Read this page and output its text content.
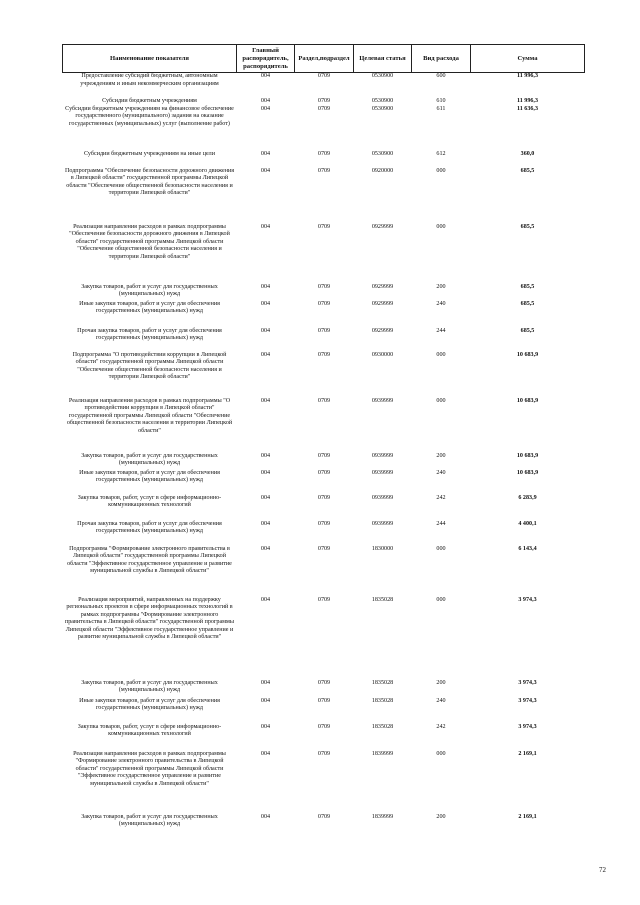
Наименование показателя	Главный распорядитель, распорядитель	Раздел,подраздел	Целевая статья	Вид расхода	Сумма
Предоставление субсидий бюджетным, автономным учреждениям и иным некоммерческим организациям	004	0709	0530900	600	11 996,3
Субсидии бюджетным учреждениям	004	0709	0530900	610	11 996,3
Субсидии бюджетным учреждениям на финансовое обеспечение государственного (муниципального) задания на оказание государственных (муниципальных) услуг (выполнение работ)	004	0709	0530900	611	11 636,3
Субсидии бюджетным учреждениям на иные цели	004	0709	0530900	612	360,0
Подпрограмма "Обеспечение безопасности дорожного движения в Липецкой области" государственной программы Липецкой области "Обеспечение общественной безопасности населения и территории Липецкой области"	004	0709	0920000	000	685,5
Реализация направления расходов в рамках подпрограммы "Обеспечение безопасности дорожного движения в Липецкой области" государственной программы Липецкой области "Обеспечение общественной безопасности населения и территории Липецкой области"	004	0709	0929999	000	685,5
Закупка товаров, работ и услуг для государственных (муниципальных) нужд	004	0709	0929999	200	685,5
Иные закупки товаров, работ и услуг для обеспечения государственных (муниципальных) нужд	004	0709	0929999	240	685,5
Прочая закупка товаров, работ и услуг для обеспечения государственных (муниципальных) нужд	004	0709	0929999	244	685,5
Подпрограмма "О противодействии коррупции в Липецкой области" государственной программы Липецкой области "Обеспечение общественной безопасности населения и территории Липецкой области"	004	0709	0930000	000	10 683,9
Реализация направления расходов в рамках подпрограммы "О противодействии коррупции в Липецкой области" государственной программы Липецкой области "Обеспечение общественной безопасности населения и территории Липецкой области"	004	0709	0939999	000	10 683,9
Закупка товаров, работ и услуг для государственных (муниципальных) нужд	004	0709	0939999	200	10 683,9
Иные закупки товаров, работ и услуг для обеспечения государственных (муниципальных) нужд	004	0709	0939999	240	10 683,9
Закупка товаров, работ, услуг в сфере информационно-коммуникационных технологий	004	0709	0939999	242	6 283,9
Прочая закупка товаров, работ и услуг для обеспечения государственных (муниципальных) нужд	004	0709	0939999	244	4 400,1
Подпрограмма "Формирование электронного правительства в Липецкой области" государственной программы Липецкой области "Эффективное государственное управление и развитие муниципальной службы в Липецкой области"	004	0709	1830000	000	6 143,4
Реализация мероприятий, направленных на поддержку региональных проектов в сфере информационных технологий в рамках подпрограммы "Формирование электронного правительства в Липецкой области" государственной программы Липецкой области "Эффективное государственное управление и развитие муниципальной службы в Липецкой области"	004	0709	1835028	000	3 974,3
Закупка товаров, работ и услуг для государственных (муниципальных) нужд	004	0709	1835028	200	3 974,3
Иные закупки товаров, работ и услуг для обеспечения государственных (муниципальных) нужд	004	0709	1835028	240	3 974,3
Закупка товаров, работ, услуг в сфере информационно-коммуникационных технологий	004	0709	1835028	242	3 974,3
Реализация направления расходов в рамках подпрограммы "Формирование электронного правительства в Липецкой области" государственной программы Липецкой области "Эффективное государственное управление и развитие муниципальной службы в Липецкой области"	004	0709	1839999	000	2 169,1
Закупка товаров, работ и услуг для государственных (муниципальных) нужд	004	0709	1839999	200	2 169,1
72
